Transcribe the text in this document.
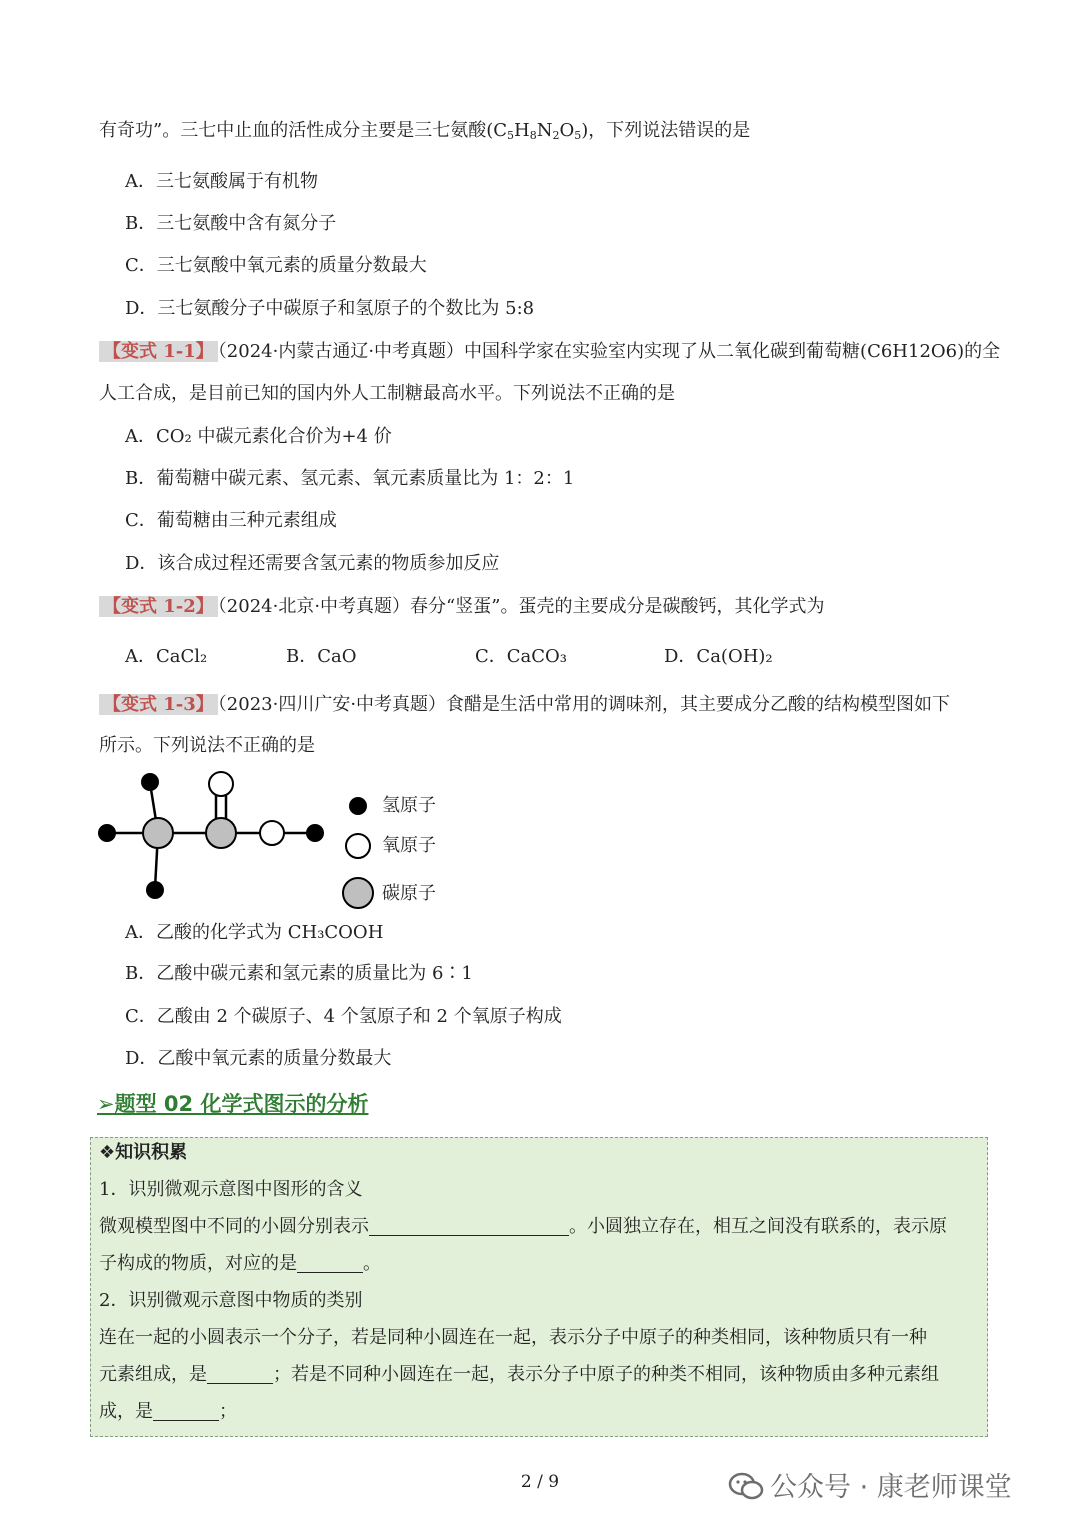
有奇功”。三七中止血的活性成分主要是三七氨酸$(C_5H_8N_2O_5)$，下列说法错误的是
A．三七氨酸属于有机物
B．三七氨酸中含有氮分子
C．三七氨酸中氧元素的质量分数最大
D．三七氨酸分子中碳原子和氢原子的个数比为 5:8
【变式 1-1】 （2024·内蒙古通辽·中考真题）中国科学家在实验室内实现了从二氧化碳到葡萄糖(C6H12O6)的全
人工合成，是目前已知的国内外人工制糖最高水平。下列说法不正确的是
A．CO₂ 中碳元素化合价为+4 价
B．葡萄糖中碳元素、氢元素、氧元素质量比为 1：2：1
C．葡萄糖由三种元素组成
D．该合成过程还需要含氢元素的物质参加反应
【变式 1-2】 （2024·北京·中考真题）春分“竖蛋”。蛋壳的主要成分是碳酸钙，其化学式为
A．CaCl₂	B．CaO	C．CaCO₃	D．Ca(OH)₂
【变式 1-3】 （2023·四川广安·中考真题）食醋是生活中常用的调味剂，其主要成分乙酸的结构模型图如下
所示。下列说法不正确的是
氢原子
氧原子
碳原子
A．乙酸的化学式为 CH₃COOH
B．乙酸中碳元素和氢元素的质量比为 6∶1
C．乙酸由 2 个碳原子、4 个氢原子和 2 个氧原子构成
D．乙酸中氧元素的质量分数最大
➢题型 02 化学式图示的分析
❖知识积累
1．识别微观示意图中图形的含义
微观模型图中不同的小圆分别表示	。小圆独立存在，相互之间没有联系的，表示原
子构成的物质，对应的是	。
2．识别微观示意图中物质的类别
连在一起的小圆表示一个分子，若是同种小圆连在一起，表示分子中原子的种类相同，该种物质只有一种
元素组成，是	；若是不同种小圆连在一起，表示分子中原子的种类不相同，该种物质由多种元素组
成，是	；
2 / 9	公众号 · 康老师课堂
